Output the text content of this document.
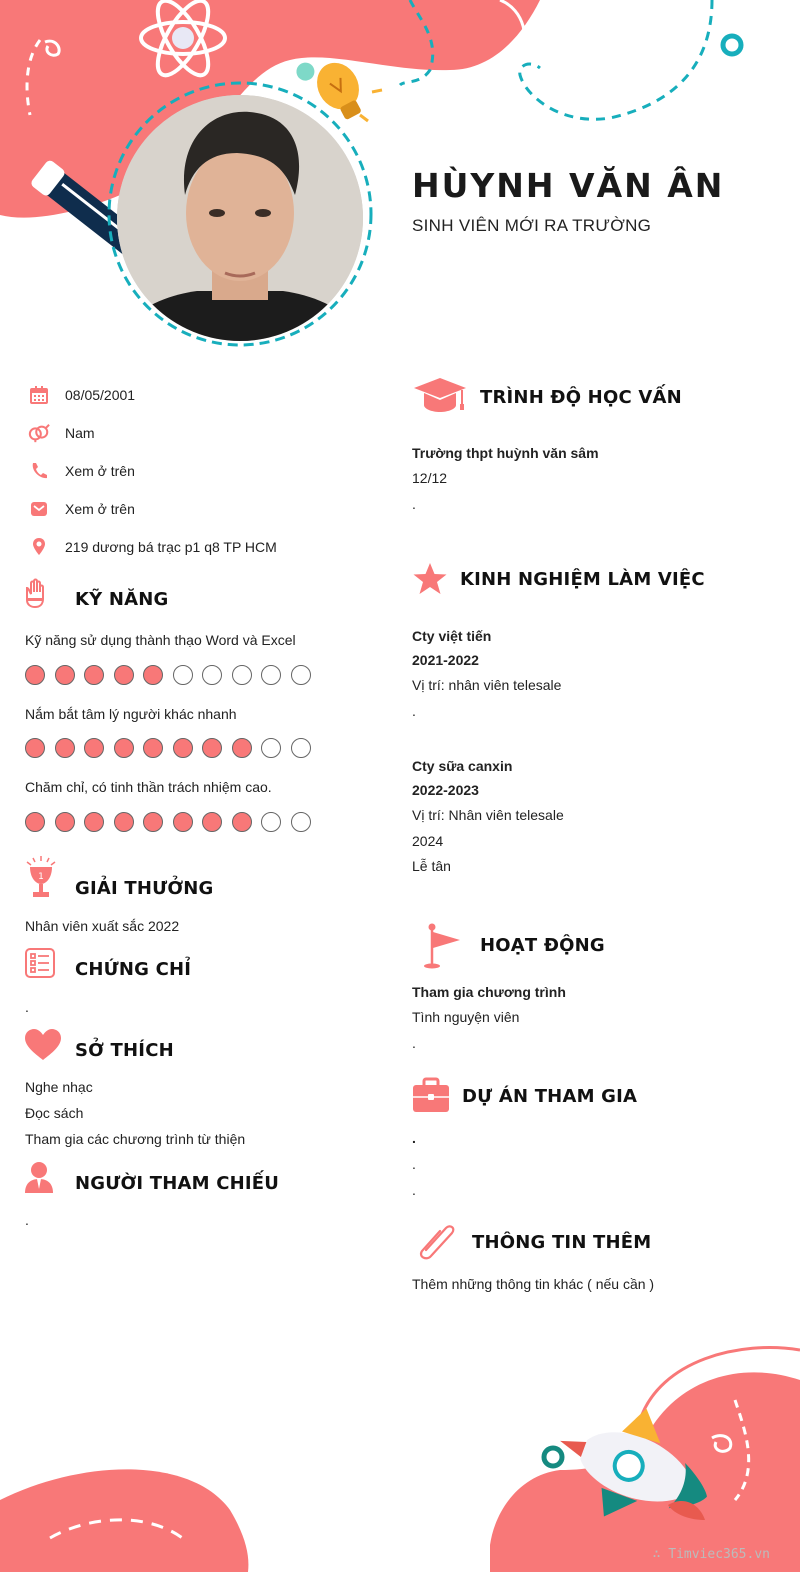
HÙYNH VĂN ÂN
SINH VIÊN MỚI RA TRƯỜNG
08/05/2001
Nam
Xem ở trên
Xem ở trên
219 dương bá trạc p1 q8 TP HCM
KỸ NĂNG
Kỹ năng sử dụng thành thạo Word và Excel
Nắm bắt tâm lý người khác nhanh
Chăm chỉ, có tinh thần trách nhiệm cao.
1
GIẢI THƯỞNG
Nhân viên xuất sắc 2022
CHỨNG CHỈ
.
SỞ THÍCH
Nghe nhạc
Đọc sách
Tham gia các chương trình từ thiện
NGƯỜI THAM CHIẾU
.
TRÌNH ĐỘ HỌC VẤN
Trường thpt huỳnh văn sâm
12/12
.
KINH NGHIỆM LÀM VIỆC
Cty việt tiến
2021-2022
Vị trí: nhân viên telesale
.
Cty sữa canxin
2022-2023
Vị trí: Nhân viên telesale
2024
Lễ tân
HOẠT ĐỘNG
Tham gia chương trình
Tình nguyện viên
.
DỰ ÁN THAM GIA
.
.
.
THÔNG TIN THÊM
Thêm những thông tin khác ( nếu cần )
∴ Timviec365.vn
